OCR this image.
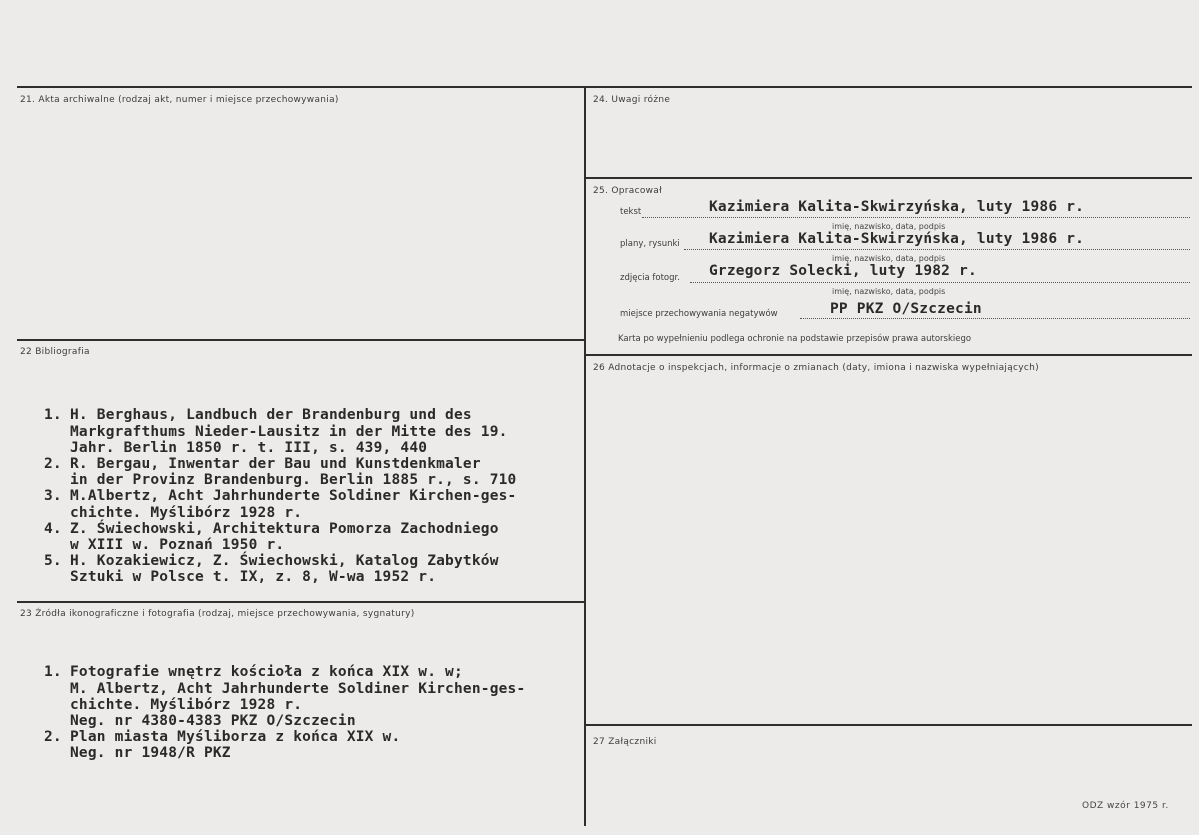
21. Akta archiwalne (rodzaj akt, numer i miejsce przechowywania)
22 Bibliografia

1. H. Berghaus, Landbuch der Brandenburg und des
Markgrafthums Nieder-Lausitz in der Mitte des 19.
Jahr. Berlin 1850 r. t. III, s. 439, 440
2. R. Bergau, Inwentar der Bau und Kunstdenkmaler
in der Provinz Brandenburg. Berlin 1885 r., s. 710
3. M.Albertz, Acht Jahrhunderte Soldiner Kirchen-ges-
chichte. Myślibórz 1928 r.
4. Z. Świechowski, Architektura Pomorza Zachodniego
w XIII w. Poznań 1950 r.
5. H. Kozakiewicz, Z. Świechowski, Katalog Zabytków
Sztuki w Polsce t. IX, z. 8, W-wa 1952 r.

23 Źródła ikonograficzne i fotografia (rodzaj, miejsce przechowywania, sygnatury)

1. Fotografie wnętrz kościoła z końca XIX w. w;
M. Albertz, Acht Jahrhunderte Soldiner Kirchen-ges-
chichte. Myślibórz 1928 r.
Neg. nr 4380-4383 PKZ O/Szczecin
2. Plan miasta Myśliborza z końca XIX w.
Neg. nr 1948/R PKZ

24. Uwagi różne
25. Opracował
tekst	Kazimiera Kalita-Skwirzyńska, luty 1986 r.
imię, nazwisko, data, podpis
plany, rysunki Kazimiera Kalita-Skwirzyńska, luty 1986 r.
imię, nazwisko, data, podpis
zdjęcia fotogr. Grzegorz Solecki, luty 1982 r.
imię, nazwisko, data, podpis
miejsce przechowywania negatywów	PP PKZ O/Szczecin
Karta po wypełnieniu podlega ochronie na podstawie przepisów prawa autorskiego
26 Adnotacje o inspekcjach, informacje o zmianach (daty, imiona i nazwiska wypełniających)
27 Załączniki
ODZ wzór 1975 r.
